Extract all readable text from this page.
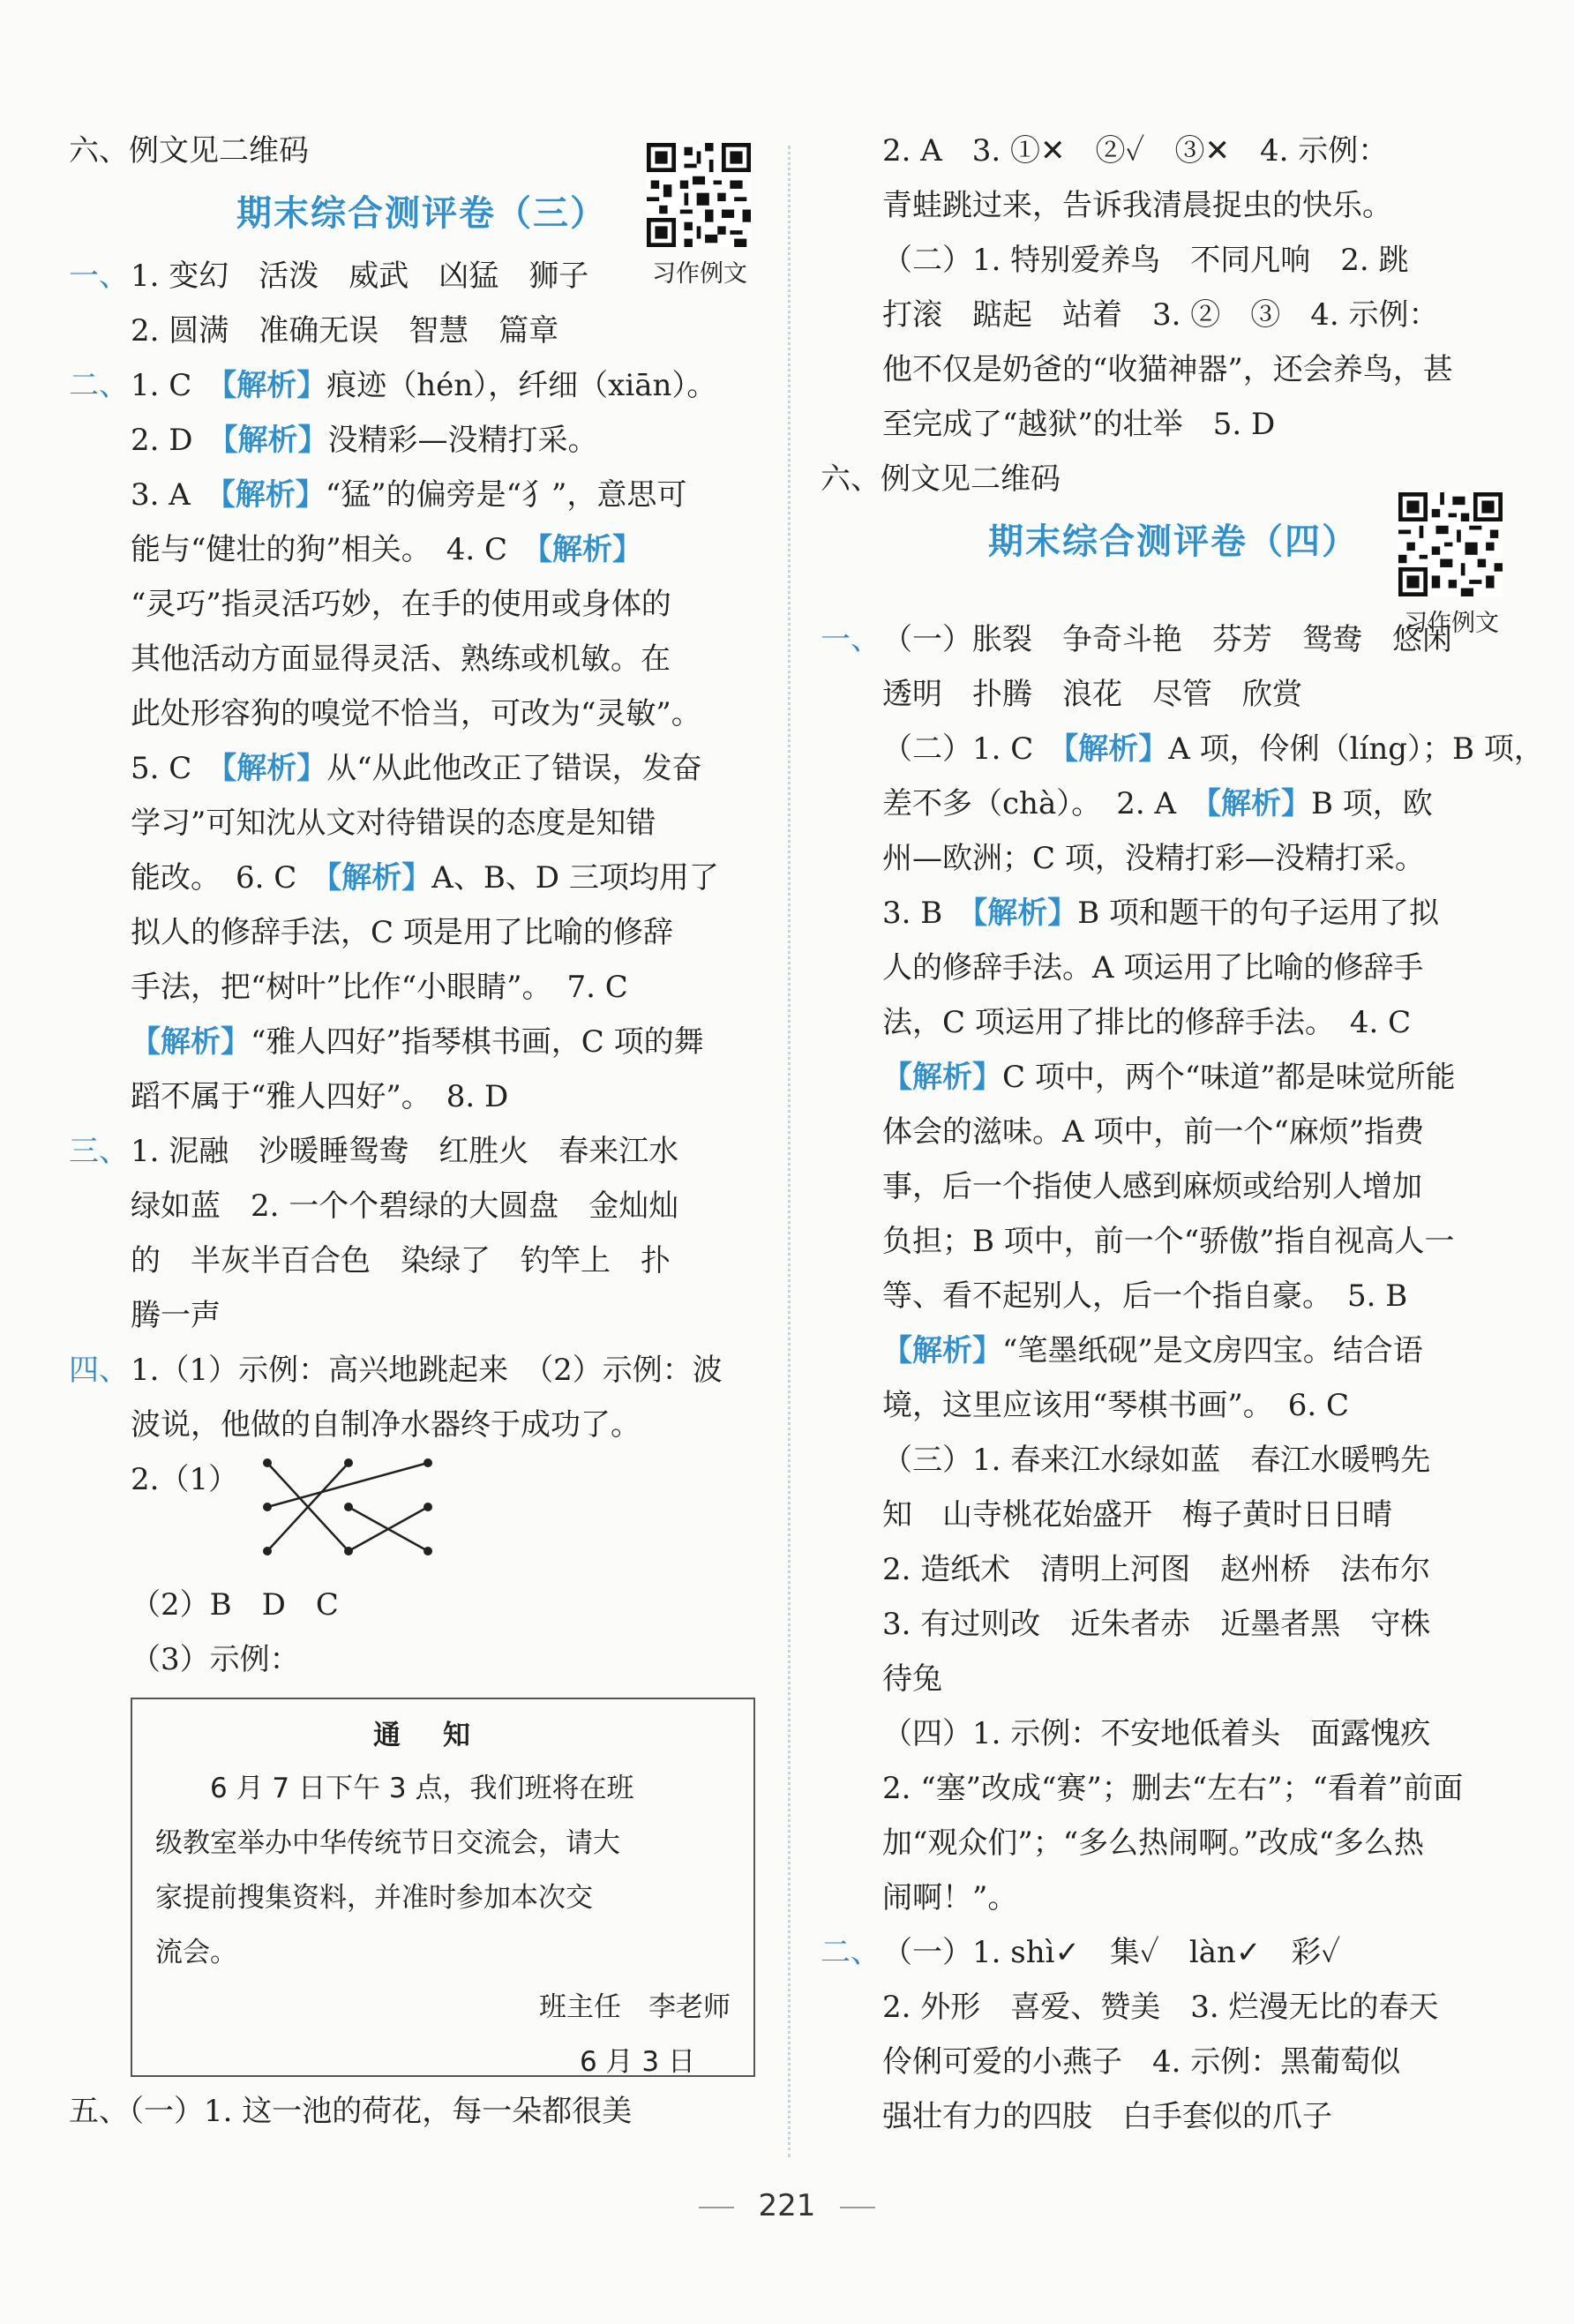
六、例文见二维码
期末综合测评卷（三）
一、1. 变幻　活泼　威武　凶猛　狮子
2. 圆满　准确无误　智慧　篇章
二、1. C　 【解析】痕迹（hén），纤细（xiān）。
2. D　 【解析】没精彩—没精打采。
3. A　 【解析】“猛”的偏旁是“犭”，意思可
能与“健壮的狗”相关。　4. C　 【解析】
“灵巧”指灵活巧妙，在手的使用或身体的
其他活动方面显得灵活、熟练或机敏。在
此处形容狗的嗅觉不恰当，可改为“灵敏”。
5. C　 【解析】从“从此他改正了错误，发奋
学习”可知沈从文对待错误的态度是知错
能改。　6. C　 【解析】A、B、D 三项均用了
拟人的修辞手法，C 项是用了比喻的修辞
手法，把“树叶”比作“小眼睛”。　7. C
【解析】“雅人四好”指琴棋书画，C 项的舞
蹈不属于“雅人四好”。　8. D
三、1. 泥融　沙暖睡鸳鸯　红胜火　春来江水
绿如蓝　2. 一个个碧绿的大圆盘　金灿灿
的　半灰半百合色　染绿了　钓竿上　扑
腾一声
四、1.（1）示例：高兴地跳起来　（2）示例：波
波说，他做的自制净水器终于成功了。
2.（1）
（2）B　D　C
（3）示例：
通知
6 月 7 日下午 3 点，我们班将在班
级教室举办中华传统节日交流会，请大
家提前搜集资料，并准时参加本次交
流会。
班主任　李老师
6 月 3 日
五、（一）1. 这一池的荷花，每一朵都很美
习作例文
2. A　3. ①✕　②✓　③✕　4. 示例：
青蛙跳过来，告诉我清晨捉虫的快乐。
（二）1. 特别爱养鸟　不同凡响　2. 跳
打滚　踮起　站着　3. ②　③　4. 示例：
他不仅是奶爸的“收猫神器”，还会养鸟，甚
至完成了“越狱”的壮举　5. D
六、例文见二维码
期末综合测评卷（四）
一、（一）胀裂　争奇斗艳　芬芳　鸳鸯　悠闲
透明　扑腾　浪花　尽管　欣赏
（二）1. C　 【解析】A 项，伶俐（líng）；B 项，
差不多（chà）。　2. A　 【解析】B 项，欧
州—欧洲；C 项，没精打彩—没精打采。
3. B　 【解析】B 项和题干的句子运用了拟
人的修辞手法。A 项运用了比喻的修辞手
法，C 项运用了排比的修辞手法。　4. C
【解析】C 项中，两个“味道”都是味觉所能
体会的滋味。A 项中，前一个“麻烦”指费
事，后一个指使人感到麻烦或给别人增加
负担；B 项中，前一个“骄傲”指自视高人一
等、看不起别人，后一个指自豪。　5. B
【解析】“笔墨纸砚”是文房四宝。结合语
境，这里应该用“琴棋书画”。　6. C
（三）1. 春来江水绿如蓝　春江水暖鸭先
知　山寺桃花始盛开　梅子黄时日日晴
2. 造纸术　清明上河图　赵州桥　法布尔
3. 有过则改　近朱者赤　近墨者黑　守株
待兔
（四）1. 示例：不安地低着头　面露愧疚
2. “塞”改成“赛”；删去“左右”；“看着”前面
加“观众们”；“多么热闹啊。”改成“多么热
闹啊！”。
二、（一）1. shì✓　集✓　làn✓　彩✓
2. 外形　喜爱、赞美　3. 烂漫无比的春天
伶俐可爱的小燕子　4. 示例：黑葡萄似
强壮有力的四肢　白手套似的爪子
习作例文
221
